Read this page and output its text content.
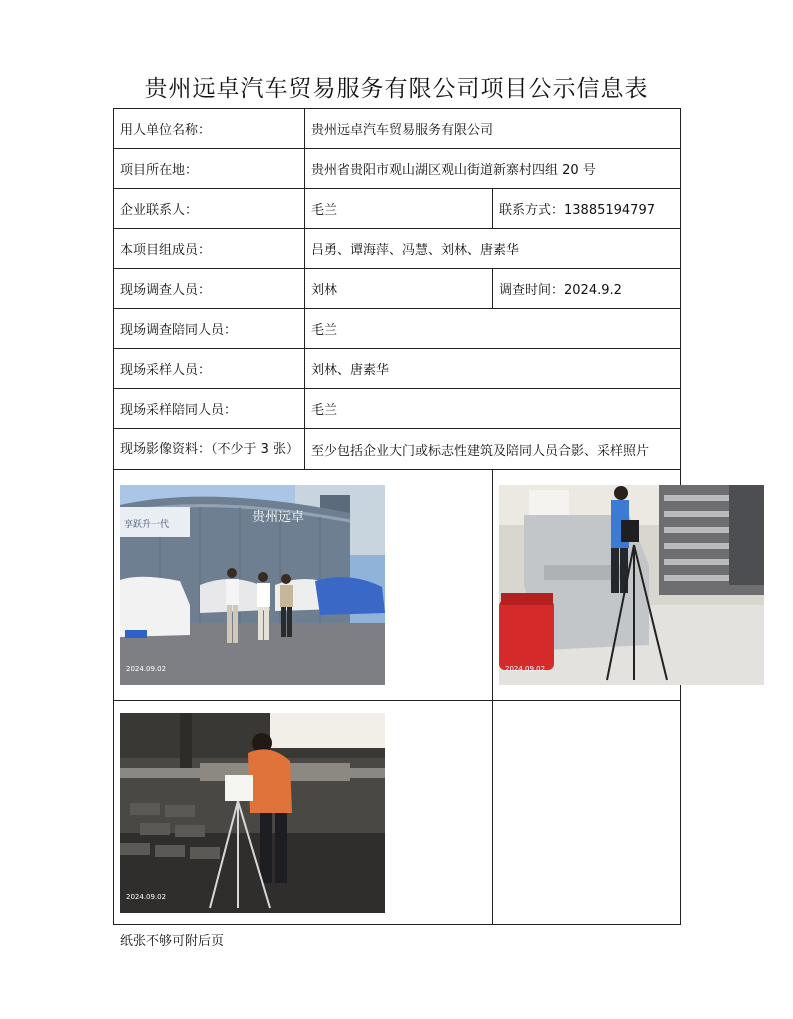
贵州远卓汽车贸易服务有限公司项目公示信息表
用人单位名称：	贵州远卓汽车贸易服务有限公司	
项目所在地：	贵州省贵阳市观山湖区观山街道新寨村四组 20 号	
企业联系人：	毛兰	联系方式：13885194797
本项目组成员：	吕勇、谭海萍、冯慧、刘林、唐素华	
现场调查人员：	刘林	调查时间：2024.9.2
现场调查陪同人员：	毛兰	
现场采样人员：	刘林、唐素华	
现场采样陪同人员：	毛兰	
现场影像资料：（不少于 3 张）	至少包括企业大门或标志性建筑及陪同人员合影、采样照片	

贵州远卓
享跃升一代
2024.09.02		2024.09.02

2024.09.02		

纸张不够可附后页
